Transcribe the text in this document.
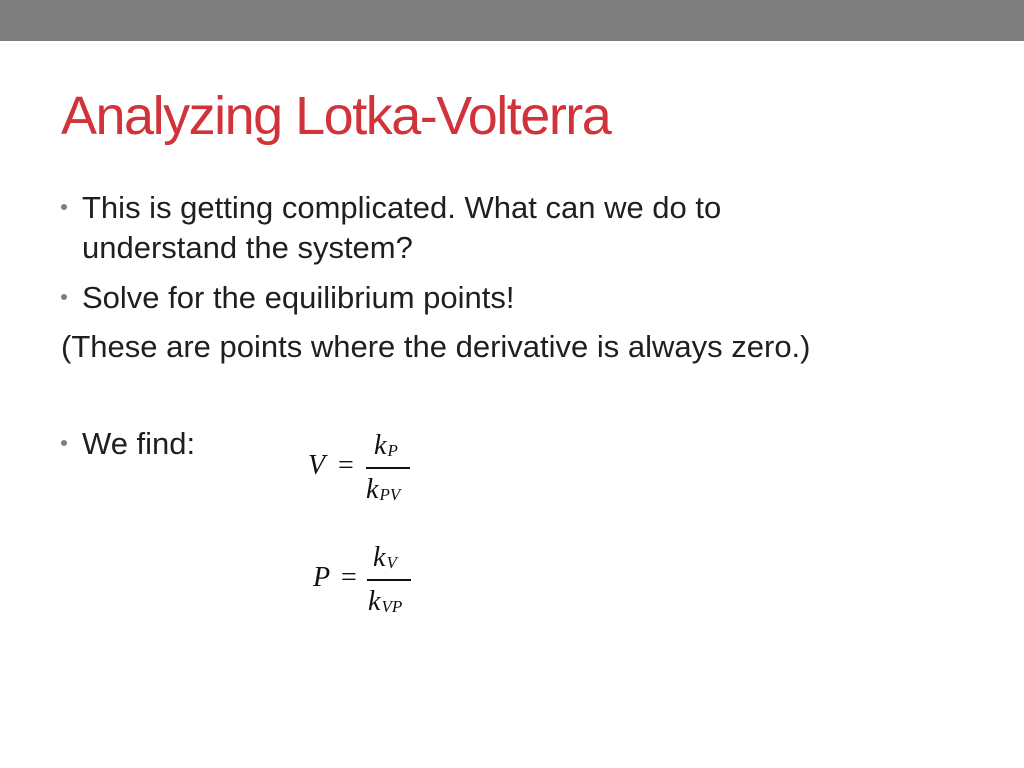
Analyzing Lotka-Volterra

This is getting complicated. What can we do to

understand the system?

Solve for the equilibrium points!

(These are points where the derivative is always zero.)

We find:

V =
$k_P$
$k_{PV}$
P =
$k_V$
$k_{VP}$
